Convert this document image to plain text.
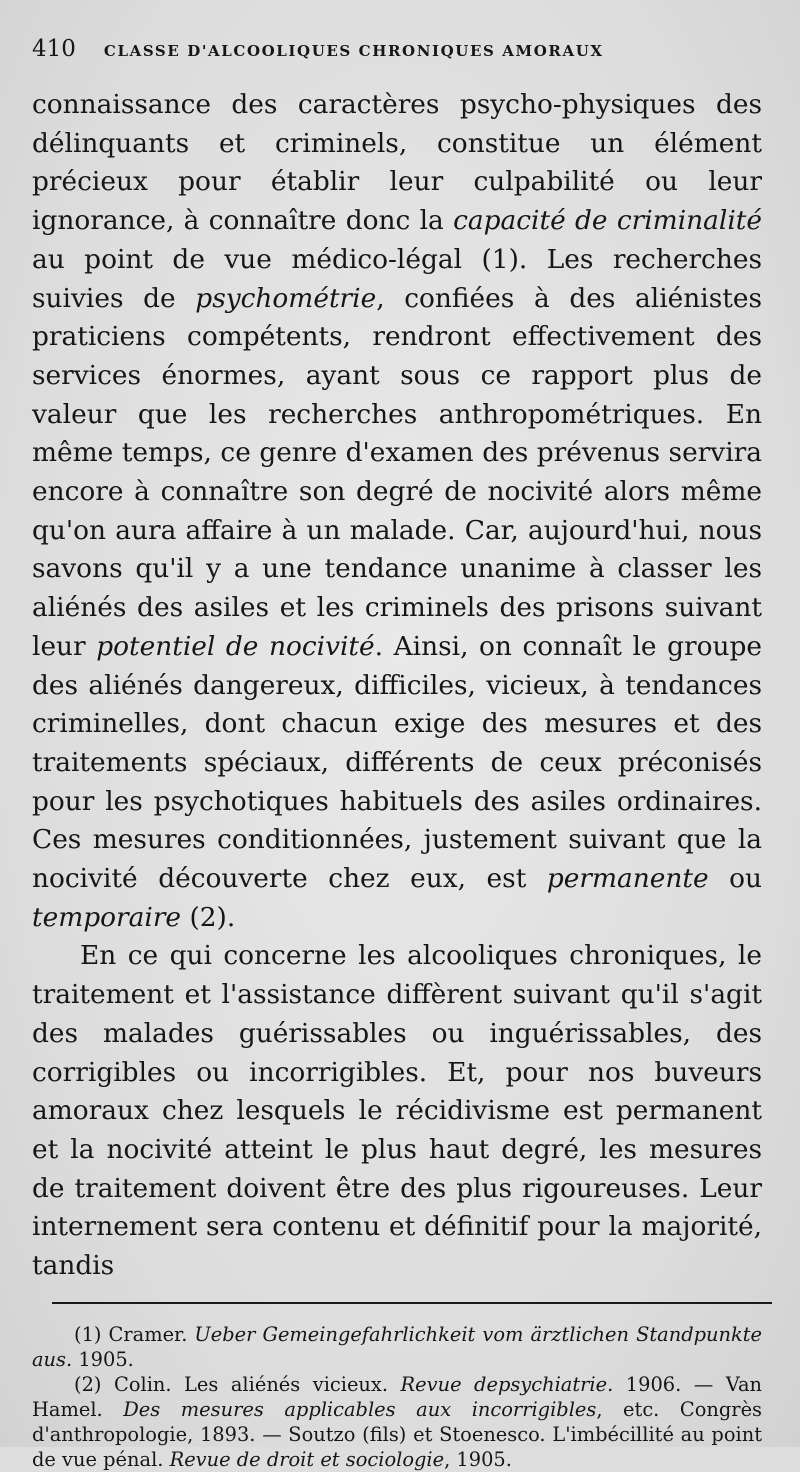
410 CLASSE D'ALCOOLIQUES CHRONIQUES AMORAUX

connaissance des caractères psycho-physiques des délinquants et criminels, constitue un élément précieux pour établir leur culpabilité ou leur ignorance, à connaître donc la capacité de criminalité au point de vue médico-légal (1). Les recherches suivies de psychométrie, confiées à des aliénistes praticiens compétents, rendront effectivement des services énormes, ayant sous ce rapport plus de valeur que les recherches anthropométriques. En même temps, ce genre d'examen des prévenus servira encore à connaître son degré de nocivité alors même qu'on aura affaire à un malade. Car, aujourd'hui, nous savons qu'il y a une tendance unanime à classer les aliénés des asiles et les criminels des prisons suivant leur potentiel de nocivité. Ainsi, on connaît le groupe des aliénés dangereux, difficiles, vicieux, à tendances criminelles, dont chacun exige des mesures et des traitements spéciaux, différents de ceux préconisés pour les psychotiques habituels des asiles ordinaires. Ces mesures conditionnées, justement suivant que la nocivité découverte chez eux, est permanente ou temporaire (2).

En ce qui concerne les alcooliques chroniques, le traitement et l'assistance diffèrent suivant qu'il s'agit des malades guérissables ou inguérissables, des corrigibles ou incorrigibles. Et, pour nos buveurs amoraux chez lesquels le récidivisme est permanent et la nocivité atteint le plus haut degré, les mesures de traitement doivent être des plus rigoureuses. Leur internement sera contenu et définitif pour la majorité, tandis

(1) Cramer. Ueber Gemeingefahrlichkeit vom ärztlichen Standpunkte aus. 1905.

(2) Colin. Les aliénés vicieux. Revue depsychiatrie. 1906. — Van Hamel. Des mesures applicables aux incorrigibles, etc. Congrès d'anthropologie, 1893. — Soutzo (fils) et Stoenesco. L'imbécillité au point de vue pénal. Revue de droit et sociologie, 1905.
